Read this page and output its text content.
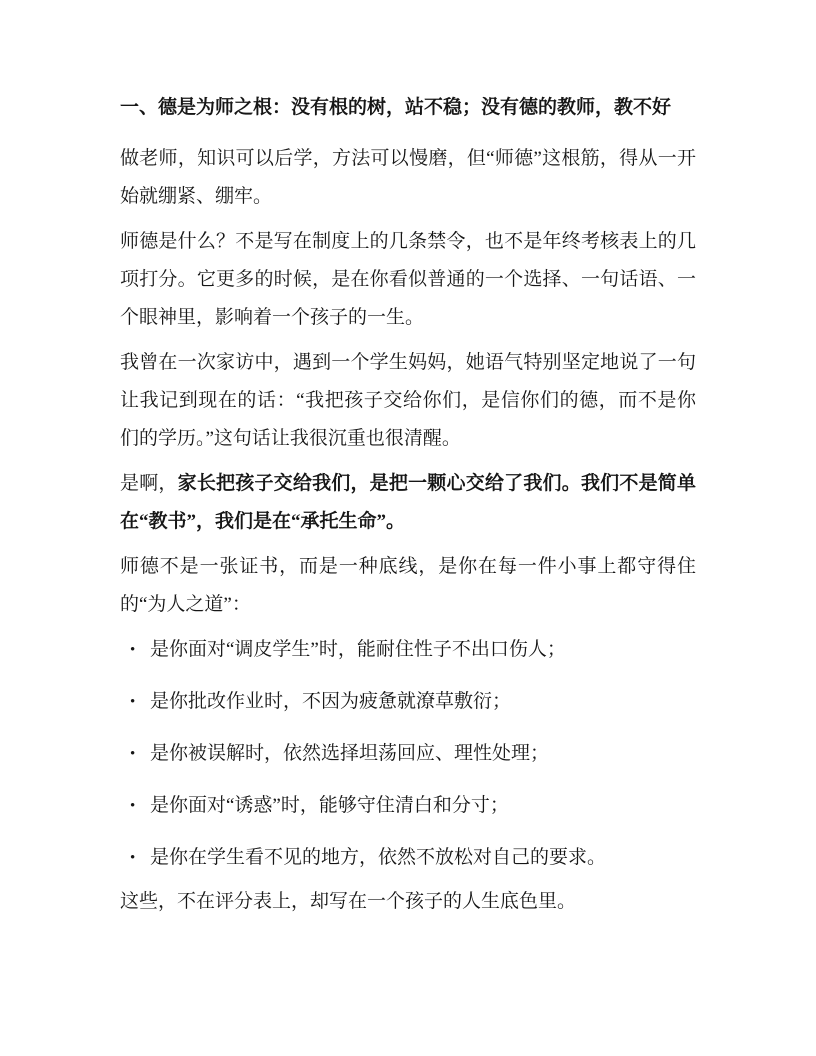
一、德是为师之根：没有根的树，站不稳；没有德的教师，教不好

做老师，知识可以后学，方法可以慢磨，但“师德”这根筋，得从一开始就绷紧、绷牢。

师德是什么？不是写在制度上的几条禁令，也不是年终考核表上的几项打分。它更多的时候，是在你看似普通的一个选择、一句话语、一个眼神里，影响着一个孩子的一生。

我曾在一次家访中，遇到一个学生妈妈，她语气特别坚定地说了一句让我记到现在的话：“我把孩子交给你们，是信你们的德，而不是你们的学历。”这句话让我很沉重也很清醒。

是啊，家长把孩子交给我们，是把一颗心交给了我们。我们不是简单在“教书”，我们是在“承托生命”。

师德不是一张证书，而是一种底线，是你在每一件小事上都守得住的“为人之道”：

• 是你面对“调皮学生”时，能耐住性子不出口伤人；
• 是你批改作业时，不因为疲惫就潦草敷衍；
• 是你被误解时，依然选择坦荡回应、理性处理；
• 是你面对“诱惑”时，能够守住清白和分寸；
• 是你在学生看不见的地方，依然不放松对自己的要求。

这些，不在评分表上，却写在一个孩子的人生底色里。
